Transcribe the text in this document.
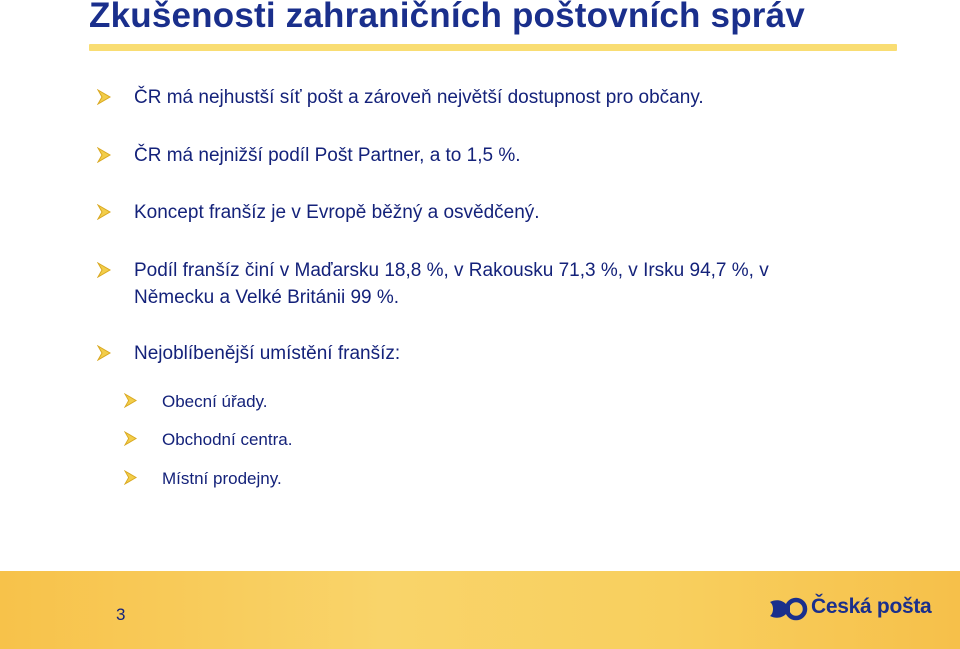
Zkušenosti zahraničních poštovních správ
ČR má nejhustší síť pošt a zároveň největší dostupnost pro občany.
ČR má nejnižší podíl Pošt Partner, a to 1,5 %.
Koncept franšíz je v Evropě běžný a osvědčený.
Podíl franšíz činí v Maďarsku 18,8 %, v Rakousku 71,3 %, v Irsku 94,7 %, v
Německu a Velké Británii 99 %.
Nejoblíbenější umístění franšíz:
Obecní úřady.
Obchodní centra.
Místní prodejny.
3	Česká pošta
